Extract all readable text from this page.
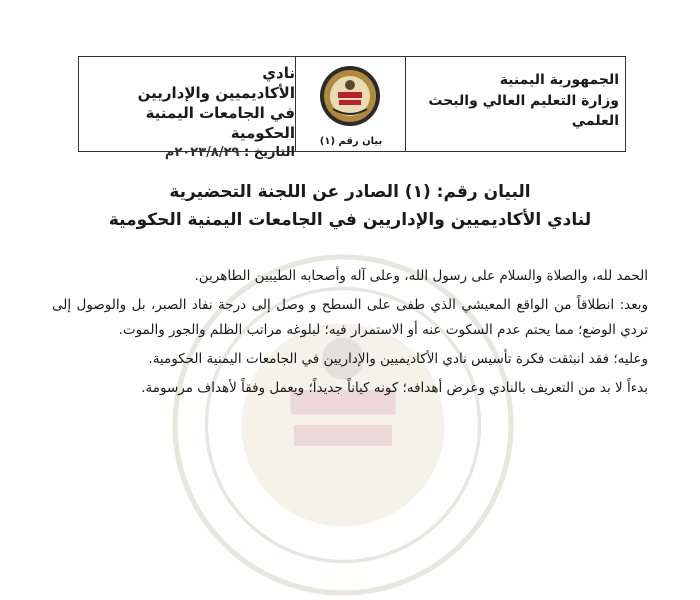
الجمهورية اليمنية
وزارة التعليم العالي والبحث العلمي
بيان رقم (١)
نادي
الأكاديميين والإداريين
في الجامعات اليمنية الحكومية
التاريخ : ٢٠٢٣/٨/٢٩م
البيان رقم: (١) الصادر عن اللجنة التحضيرية
لنادي الأكاديميين والإداريين في الجامعات اليمنية الحكومية

الحمد لله، والصلاة والسلام على رسول الله، وعلى آله وأصحابه الطيبين الطاهرين.

وبعد: انطلاقاً من الواقع المعيشي الذي طفى على السطح و وصل إلى درجة نفاد الصبر، بل والوصول إلى تردي الوضع؛ مما يحتم عدم السكوت عنه أو الاستمرار فيه؛ لبلوغه مراتب الظلم والجور والموت.

وعليه؛ فقد انبثقت فكرة تأسيس نادي الأكاديميين والإداريين في الجامعات اليمنية الحكومية.

بدءاً لا بد من التعريف بالنادي وعرض أهدافه؛ كونه كياناً جديداً؛ ويعمل وفقاً لأهداف مرسومة.
